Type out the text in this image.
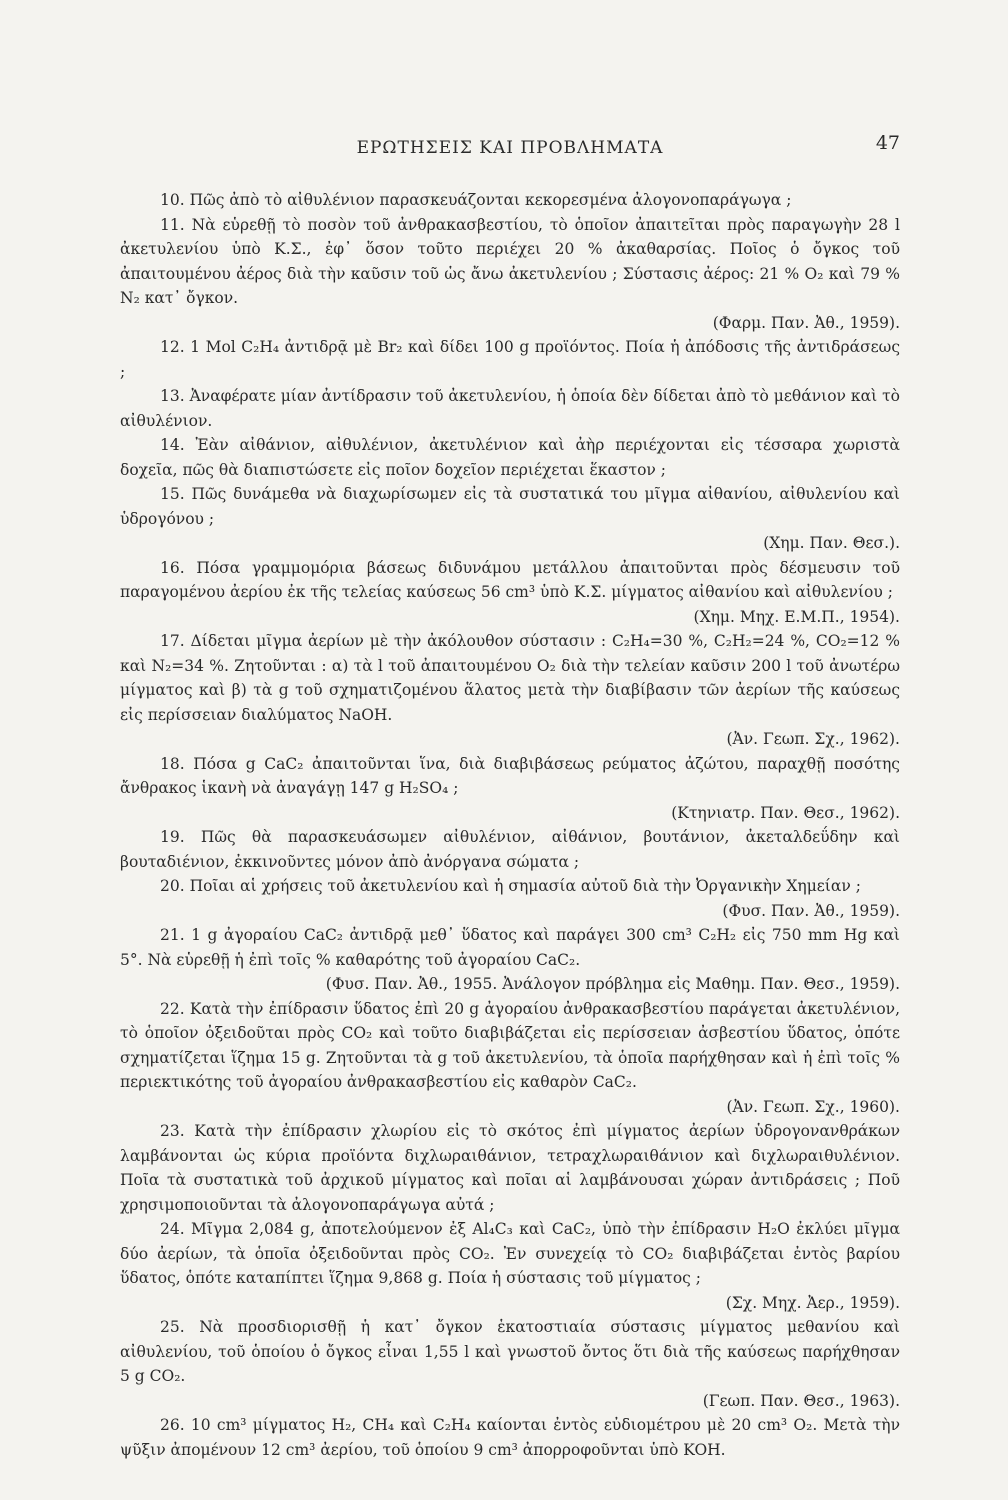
ΕΡΩΤΗΣΕΙΣ ΚΑΙ ΠΡΟΒΛΗΜΑΤΑ	47

10. Πῶς ἀπὸ τὸ αἰθυλένιον παρασκευάζονται κεκορεσμένα ἀλογονοπαράγωγα ;

11. Νὰ εὑρεθῇ τὸ ποσὸν τοῦ ἀνθρακασβεστίου, τὸ ὁποῖον ἀπαιτεῖται πρὸς παραγωγὴν 28 l ἀκετυλενίου ὑπὸ Κ.Σ., ἐφ᾽ ὅσον τοῦτο περιέχει 20 % ἀκαθαρσίας. Ποῖος ὁ ὄγκος τοῦ ἀπαιτουμένου ἀέρος διὰ τὴν καῦσιν τοῦ ὡς ἄνω ἀκετυλενίου ; Σύστασις ἀέρος: 21 % O₂ καὶ 79 % N₂ κατ᾽ ὄγκον.
(Φαρμ. Παν. Ἀθ., 1959).

12. 1 Mol C₂H₄ ἀντιδρᾷ μὲ Br₂ καὶ δίδει 100 g προϊόντος. Ποία ἡ ἀπόδοσις τῆς ἀντιδράσεως ;

13. Ἀναφέρατε μίαν ἀντίδρασιν τοῦ ἀκετυλενίου, ἡ ὁποία δὲν δίδεται ἀπὸ τὸ μεθάνιον καὶ τὸ αἰθυλένιον.

14. Ἐὰν αἰθάνιον, αἰθυλένιον, ἀκετυλένιον καὶ ἀὴρ περιέχονται εἰς τέσσαρα χωριστὰ δοχεῖα, πῶς θὰ διαπιστώσετε εἰς ποῖον δοχεῖον περιέχεται ἕκαστον ;

15. Πῶς δυνάμεθα νὰ διαχωρίσωμεν εἰς τὰ συστατικά του μῖγμα αἰθανίου, αἰθυλενίου καὶ ὑδρογόνου ;
(Χημ. Παν. Θεσ.).

16. Πόσα γραμμομόρια βάσεως διδυνάμου μετάλλου ἀπαιτοῦνται πρὸς δέσμευσιν τοῦ παραγομένου ἀερίου ἐκ τῆς τελείας καύσεως 56 cm³ ὑπὸ Κ.Σ. μίγματος αἰθανίου καὶ αἰθυλενίου ;
(Χημ. Μηχ. Ε.Μ.Π., 1954).

17. Δίδεται μῖγμα ἀερίων μὲ τὴν ἀκόλουθον σύστασιν : C₂H₄=30 %, C₂H₂=24 %, CO₂=12 % καὶ N₂=34 %. Ζητοῦνται : α) τὰ l τοῦ ἀπαιτουμένου O₂ διὰ τὴν τελείαν καῦσιν 200 l τοῦ ἀνωτέρω μίγματος καὶ β) τὰ g τοῦ σχηματιζομένου ἅλατος μετὰ τὴν διαβίβασιν τῶν ἀερίων τῆς καύσεως εἰς περίσσειαν διαλύματος NaOH.
(Ἀν. Γεωπ. Σχ., 1962).

18. Πόσα g CaC₂ ἀπαιτοῦνται ἵνα, διὰ διαβιβάσεως ρεύματος ἀζώτου, παραχθῇ ποσότης ἄνθρακος ἱκανὴ νὰ ἀναγάγῃ 147 g H₂SO₄ ;
(Κτηνιατρ. Παν. Θεσ., 1962).

19. Πῶς θὰ παρασκευάσωμεν αἰθυλένιον, αἰθάνιον, βουτάνιον, ἀκεταλδεΰδην καὶ βουταδιένιον, ἐκκινοῦντες μόνον ἀπὸ ἀνόργανα σώματα ;

20. Ποῖαι αἱ χρήσεις τοῦ ἀκετυλενίου καὶ ἡ σημασία αὐτοῦ διὰ τὴν Ὀργανικὴν Χημείαν ;
(Φυσ. Παν. Ἀθ., 1959).

21. 1 g ἀγοραίου CaC₂ ἀντιδρᾷ μεθ᾽ ὕδατος καὶ παράγει 300 cm³ C₂H₂ εἰς 750 mm Hg καὶ 5°. Νὰ εὑρεθῇ ἡ ἐπὶ τοῖς % καθαρότης τοῦ ἀγοραίου CaC₂.
(Φυσ. Παν. Ἀθ., 1955. Ἀνάλογον πρόβλημα εἰς Μαθημ. Παν. Θεσ., 1959).

22. Κατὰ τὴν ἐπίδρασιν ὕδατος ἐπὶ 20 g ἀγοραίου ἀνθρακασβεστίου παράγεται ἀκετυλένιον, τὸ ὁποῖον ὀξειδοῦται πρὸς CO₂ καὶ τοῦτο διαβιβάζεται εἰς περίσσειαν ἀσβεστίου ὕδατος, ὁπότε σχηματίζεται ἵζημα 15 g. Ζητοῦνται τὰ g τοῦ ἀκετυλενίου, τὰ ὁποῖα παρήχθησαν καὶ ἡ ἐπὶ τοῖς % περιεκτικότης τοῦ ἀγοραίου ἀνθρακασβεστίου εἰς καθαρὸν CaC₂.
(Ἀν. Γεωπ. Σχ., 1960).

23. Κατὰ τὴν ἐπίδρασιν χλωρίου εἰς τὸ σκότος ἐπὶ μίγματος ἀερίων ὑδρογονανθράκων λαμβάνονται ὡς κύρια προϊόντα διχλωραιθάνιον, τετραχλωραιθάνιον καὶ διχλωραιθυλένιον. Ποῖα τὰ συστατικὰ τοῦ ἀρχικοῦ μίγματος καὶ ποῖαι αἱ λαμβάνουσαι χώραν ἀντιδράσεις ; Ποῦ χρησιμοποιοῦνται τὰ ἀλογονοπαράγωγα αὐτά ;

24. Μῖγμα 2,084 g, ἀποτελούμενον ἐξ Al₄C₃ καὶ CaC₂, ὑπὸ τὴν ἐπίδρασιν H₂O ἐκλύει μῖγμα δύο ἀερίων, τὰ ὁποῖα ὀξειδοῦνται πρὸς CO₂. Ἐν συνεχείᾳ τὸ CO₂ διαβιβάζεται ἐντὸς βαρίου ὕδατος, ὁπότε καταπίπτει ἵζημα 9,868 g. Ποία ἡ σύστασις τοῦ μίγματος ;
(Σχ. Μηχ. Ἀερ., 1959).

25. Νὰ προσδιορισθῇ ἡ κατ᾽ ὄγκον ἑκατοστιαία σύστασις μίγματος μεθανίου καὶ αἰθυλενίου, τοῦ ὁποίου ὁ ὄγκος εἶναι 1,55 l καὶ γνωστοῦ ὄντος ὅτι διὰ τῆς καύσεως παρήχθησαν 5 g CO₂.
(Γεωπ. Παν. Θεσ., 1963).

26. 10 cm³ μίγματος H₂, CH₄ καὶ C₂H₄ καίονται ἐντὸς εὐδιομέτρου μὲ 20 cm³ O₂. Μετὰ τὴν ψῦξιν ἀπομένουν 12 cm³ ἀερίου, τοῦ ὁποίου 9 cm³ ἀπορροφοῦνται ὑπὸ KOH.
